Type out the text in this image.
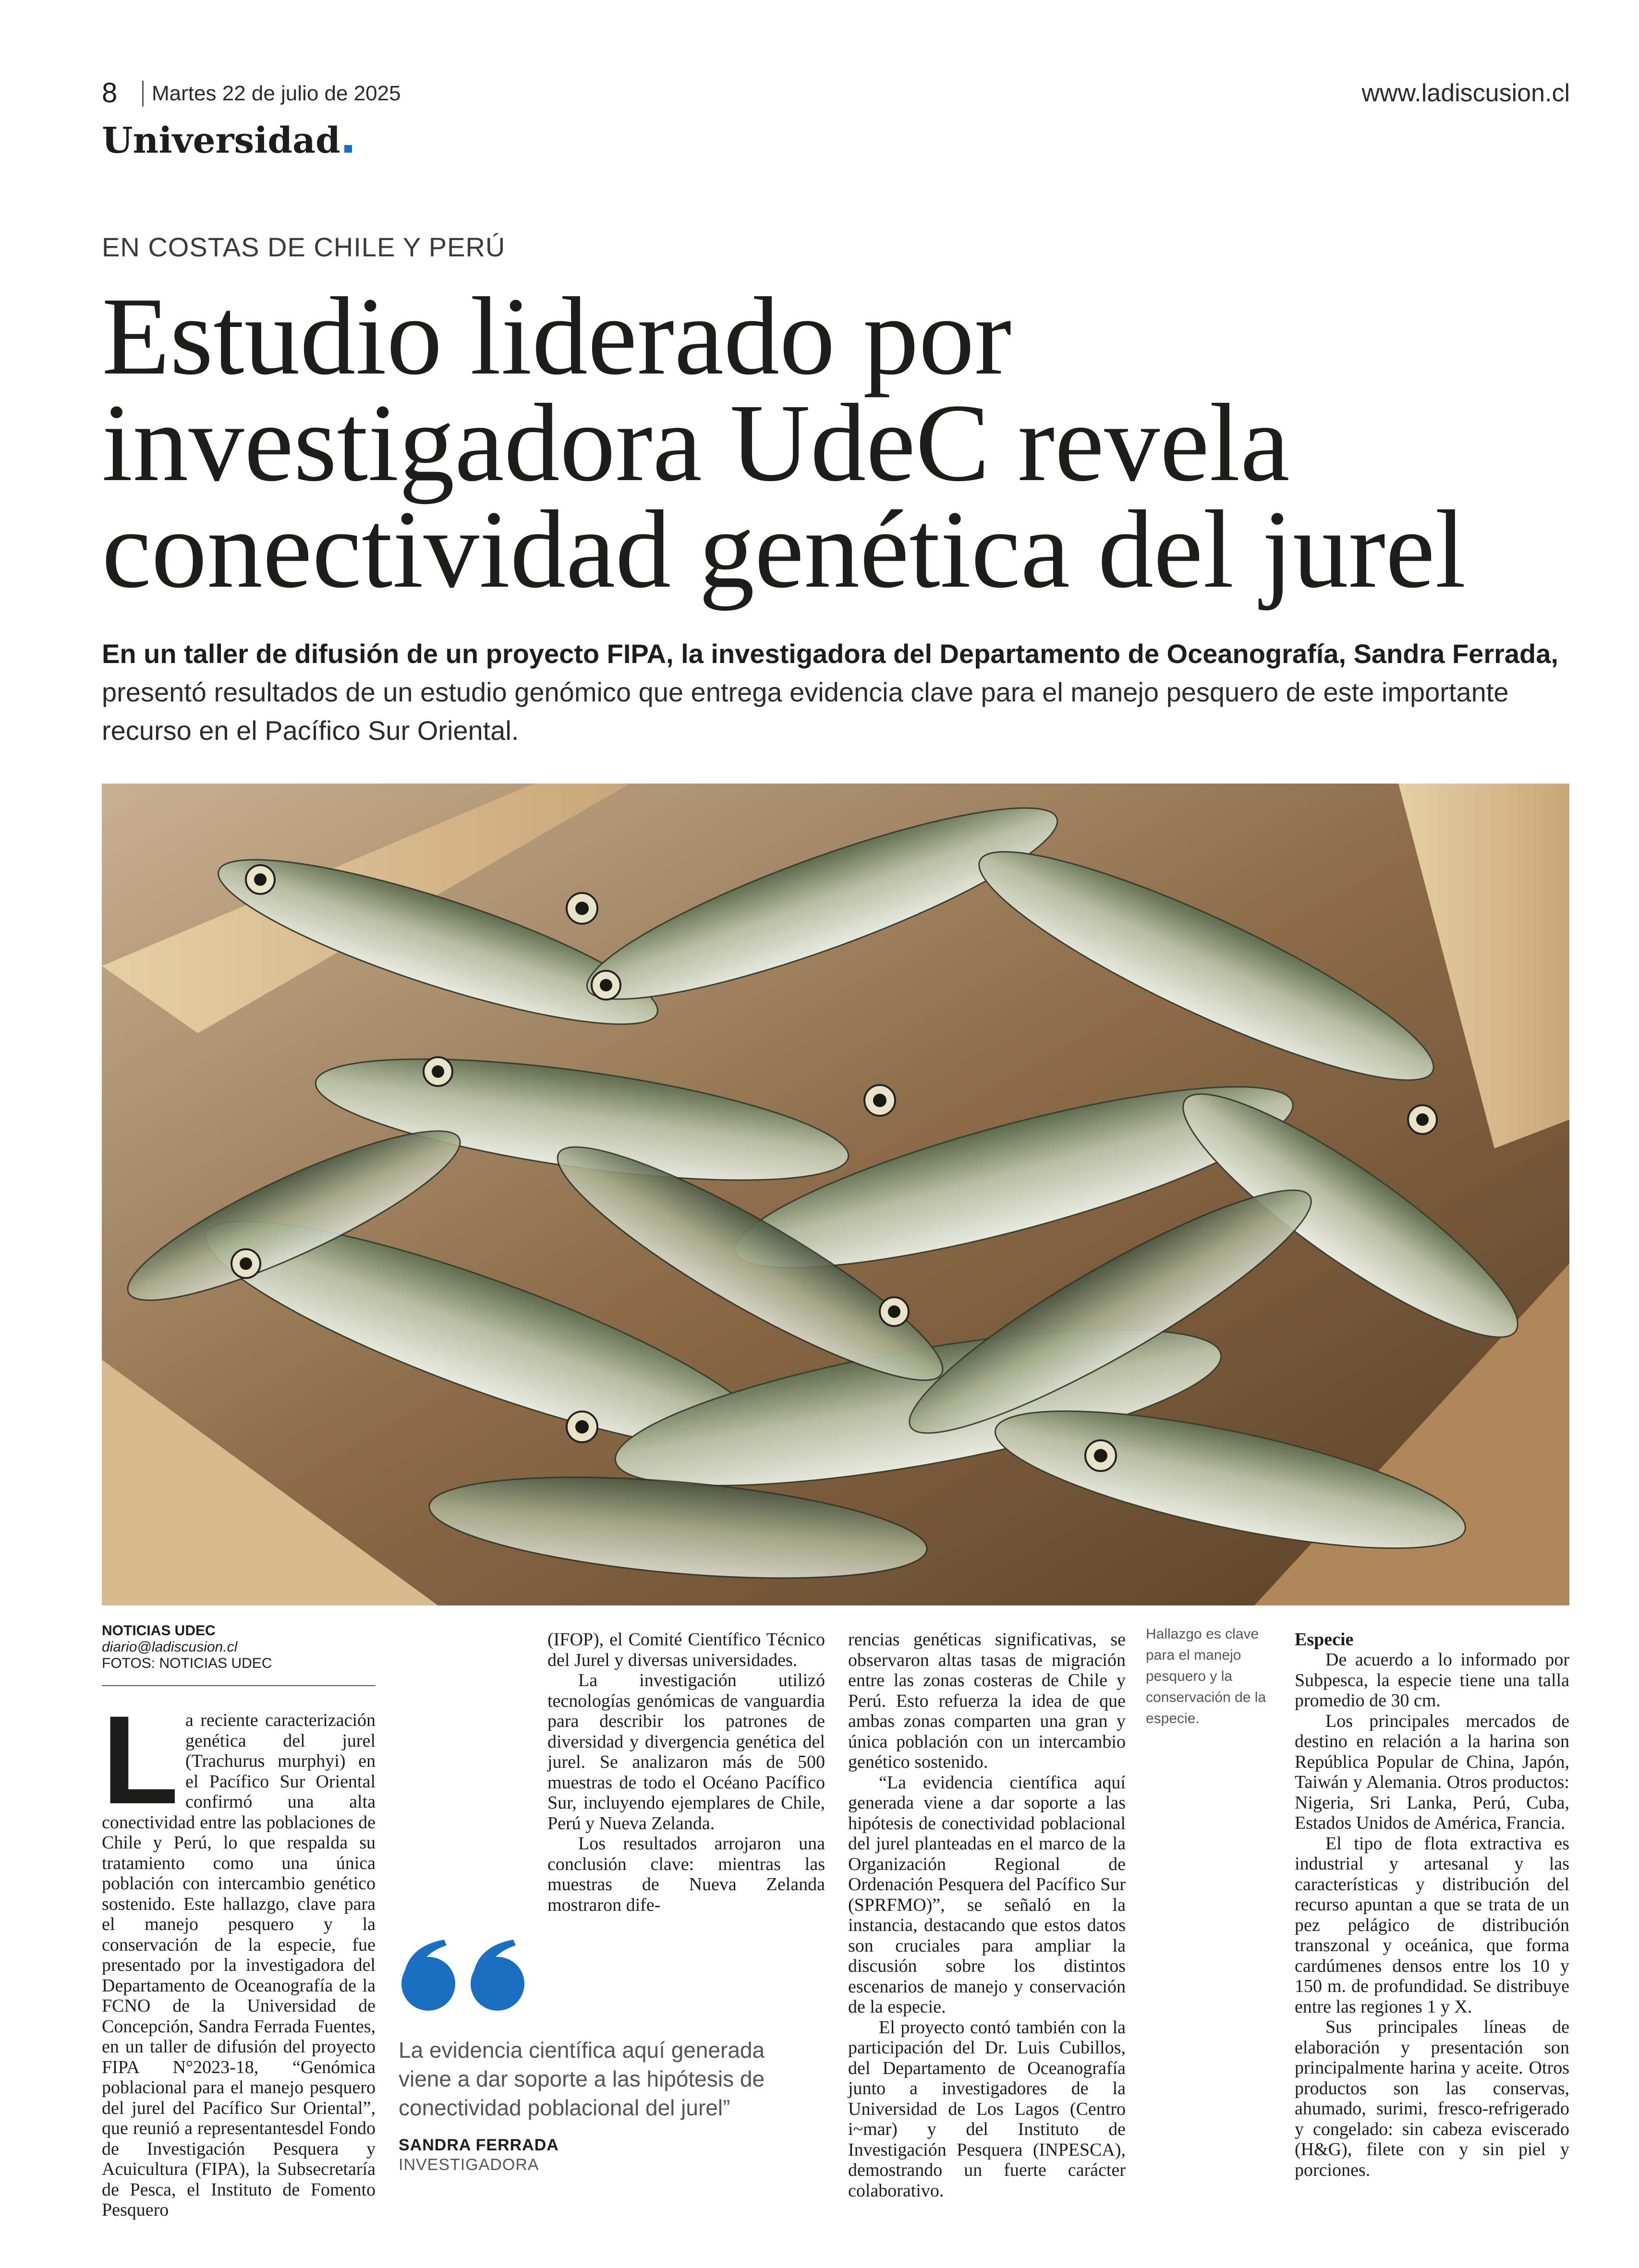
8 Martes 22 de julio de 2025	www.ladiscusion.cl
Universidad
EN COSTAS DE CHILE Y PERÚ
Estudio liderado por
investigadora UdeC revela
conectividad genética del jurel
En un taller de difusión de un proyecto FIPA, la investigadora del Departamento de Oceanografía, Sandra Ferrada, presentó resultados de un estudio genómico que entrega evidencia clave para el manejo pesquero de este importante recurso en el Pacífico Sur Oriental.
NOTICIAS UDEC
diario@ladiscusion.cl
FOTOS: NOTICIAS UDEC
L a reciente caracterización genética del jurel (Trachurus murphyi) en el Pacífico Sur Oriental confirmó una alta conectividad entre las poblaciones de Chile y Perú, lo que respalda su tratamiento como una única población con intercambio genético sostenido. Este hallazgo, clave para el manejo pesquero y la conservación de la especie, fue presentado por la investigadora del Departamento de Oceanografía de la FCNO de la Universidad de Concepción, Sandra Ferrada Fuentes, en un taller de difusión del proyecto FIPA N°2023-18, “Genómica poblacional para el manejo pesquero del jurel del Pacífico Sur Oriental”, que reunió a representantesdel Fondo de Investigación Pesquera y Acuicultura (FIPA), la Subsecretaría de Pesca, el Instituto de Fomento Pesquero

(IFOP), el Comité Científico Técnico del Jurel y diversas universidades.

La investigación utilizó tecnologías genómicas de vanguardia para describir los patrones de diversidad y divergencia genética del jurel. Se analizaron más de 500 muestras de todo el Océano Pacífico Sur, incluyendo ejemplares de Chile, Perú y Nueva Zelanda.

Los resultados arrojaron una conclusión clave: mientras las muestras de Nueva Zelanda mostraron dife-

La evidencia científica aquí generada viene a dar soporte a las hipótesis de conectividad poblacional del jurel”
SANDRA FERRADA
INVESTIGADORA

rencias genéticas significativas, se observaron altas tasas de migración entre las zonas costeras de Chile y Perú. Esto refuerza la idea de que ambas zonas comparten una gran y única población con un intercambio genético sostenido.

“La evidencia científica aquí generada viene a dar soporte a las hipótesis de conectividad poblacional del jurel planteadas en el marco de la Organización Regional de Ordenación Pesquera del Pacífico Sur (SPRFMO)”, se señaló en la instancia, destacando que estos datos son cruciales para ampliar la discusión sobre los distintos escenarios de manejo y conservación de la especie.

El proyecto contó también con la participación del Dr. Luis Cubillos, del Departamento de Oceanografía junto a investigadores de la Universidad de Los Lagos (Centro i~mar) y del Instituto de Investigación Pesquera (INPESCA), demostrando un fuerte carácter colaborativo.

Hallazgo es clave para el manejo pesquero y la conservación de la especie.
Especie

De acuerdo a lo informado por Subpesca, la especie tiene una talla promedio de 30 cm.

Los principales mercados de destino en relación a la harina son República Popular de China, Japón, Taiwán y Alemania. Otros productos: Nigeria, Sri Lanka, Perú, Cuba, Estados Unidos de América, Francia.

El tipo de flota extractiva es industrial y artesanal y las características y distribución del recurso apuntan a que se trata de un pez pelágico de distribución transzonal y oceánica, que forma cardúmenes densos entre los 10 y 150 m. de profundidad. Se distribuye entre las regiones 1 y X.

Sus principales líneas de elaboración y presentación son principalmente harina y aceite. Otros productos son las conservas, ahumado, surimi, fresco-refrigerado y congelado: sin cabeza eviscerado (H&G), filete con y sin piel y porciones.
